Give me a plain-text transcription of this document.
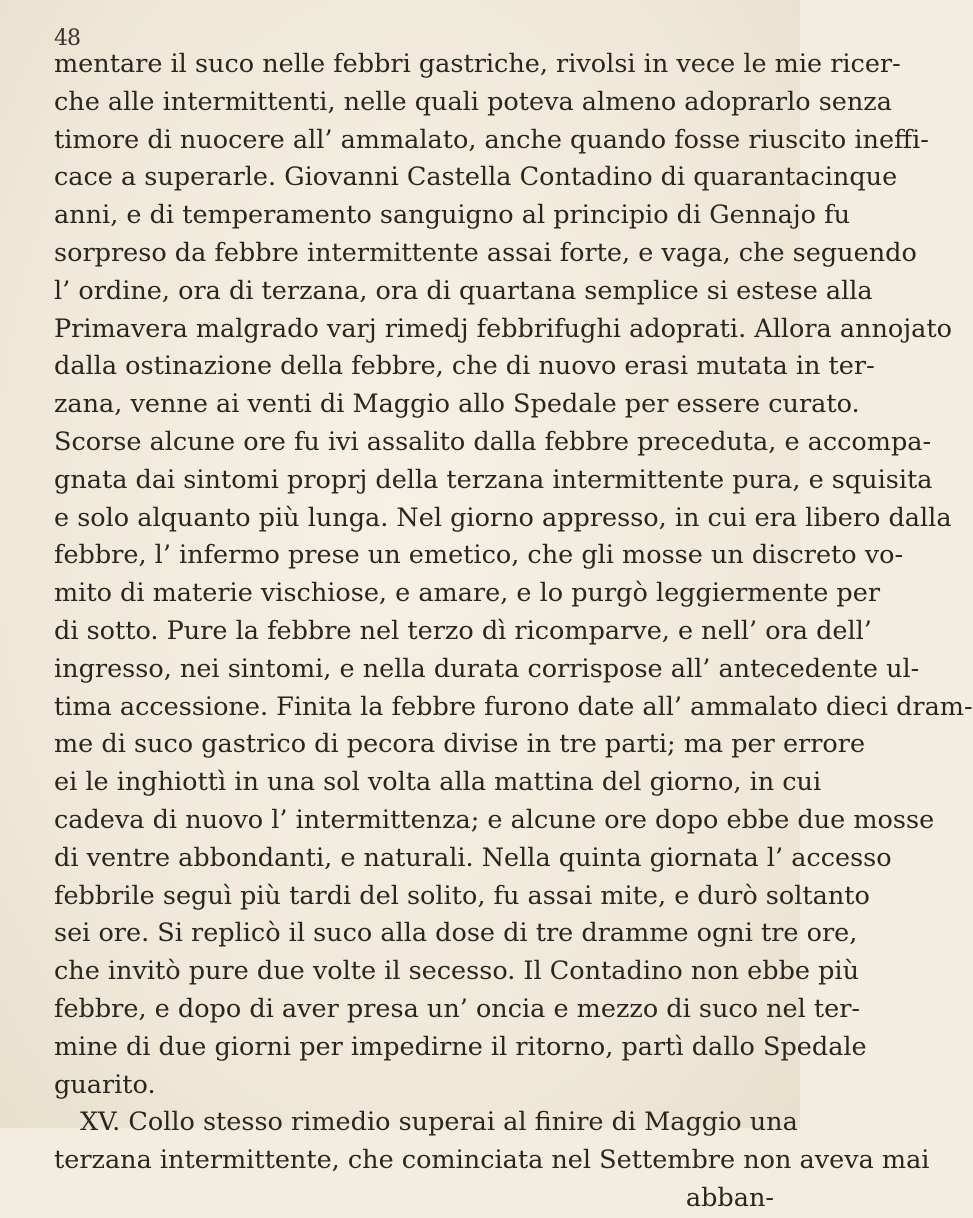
48
mentare il suco nelle febbri gastriche, rivolsi in vece le mie ricer-
che alle intermittenti, nelle quali poteva almeno adoprarlo senza
timore di nuocere all’ ammalato, anche quando fosse riuscito ineffi-
cace a superarle. Giovanni Castella Contadino di quarantacinque
anni, e di temperamento sanguigno al principio di Gennajo fu
sorpreso da febbre intermittente assai forte, e vaga, che seguendo
l’ ordine, ora di terzana, ora di quartana semplice si estese alla
Primavera malgrado varj rimedj febbrifughi adoprati. Allora annojato
dalla ostinazione della febbre, che di nuovo erasi mutata in ter-
zana, venne ai venti di Maggio allo Spedale per essere curato.
Scorse alcune ore fu ivi assalito dalla febbre preceduta, e accompa-
gnata dai sintomi proprj della terzana intermittente pura, e squisita
e solo alquanto più lunga. Nel giorno appresso, in cui era libero dalla
febbre, l’ infermo prese un emetico, che gli mosse un discreto vo-
mito di materie vischiose, e amare, e lo purgò leggiermente per
di sotto. Pure la febbre nel terzo dì ricomparve, e nell’ ora dell’
ingresso, nei sintomi, e nella durata corrispose all’ antecedente ul-
tima accessione. Finita la febbre furono date all’ ammalato dieci dram-
me di suco gastrico di pecora divise in tre parti; ma per errore
ei le inghiottì in una sol volta alla mattina del giorno, in cui
cadeva di nuovo l’ intermittenza; e alcune ore dopo ebbe due mosse
di ventre abbondanti, e naturali. Nella quinta giornata l’ accesso
febbrile seguì più tardi del solito, fu assai mite, e durò soltanto
sei ore. Si replicò il suco alla dose di tre dramme ogni tre ore,
che invitò pure due volte il secesso. Il Contadino non ebbe più
febbre, e dopo di aver presa un’ oncia e mezzo di suco nel ter-
mine di due giorni per impedirne il ritorno, partì dallo Spedale
guarito.
XV. Collo stesso rimedio superai al finire di Maggio una
terzana intermittente, che cominciata nel Settembre non aveva mai
abban-
